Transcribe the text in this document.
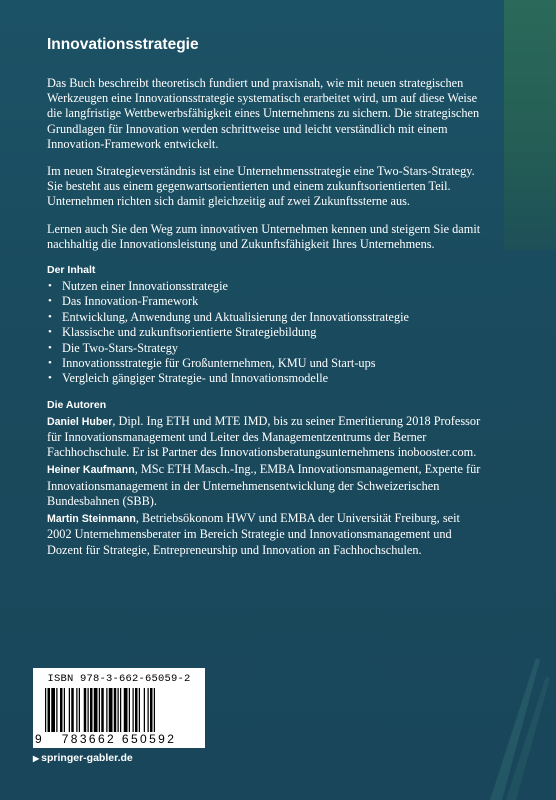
Innovationsstrategie

Das Buch beschreibt theoretisch fundiert und praxisnah, wie mit neuen strategischen Werkzeugen eine Innovationsstrategie systematisch erarbeitet wird, um auf diese Weise die langfristige Wettbewerbsfähigkeit eines Unternehmens zu sichern. Die strategischen Grundlagen für Innovation werden schrittweise und leicht verständlich mit einem Innovation-Framework entwickelt.

Im neuen Strategieverständnis ist eine Unternehmensstrategie eine Two-Stars-Strategy. Sie besteht aus einem gegenwartsorientierten und einem zukunftsorientierten Teil. Unternehmen richten sich damit gleichzeitig auf zwei Zukunftssterne aus.

Lernen auch Sie den Weg zum innovativen Unternehmen kennen und steigern Sie damit nachhaltig die Innovationsleistung und Zukunftsfähigkeit Ihres Unternehmens.

Der Inhalt
• Nutzen einer Innovationsstrategie
• Das Innovation-Framework
• Entwicklung, Anwendung und Aktualisierung der Innovationsstrategie
• Klassische und zukunftsorientierte Strategiebildung
• Die Two-Stars-Strategy
• Innovationsstrategie für Großunternehmen, KMU und Start-ups
• Vergleich gängiger Strategie- und Innovationsmodelle
Die Autoren
Daniel Huber, Dipl. Ing ETH und MTE IMD, bis zu seiner Emeritierung 2018 Professor für Innovationsmanagement und Leiter des Managementzentrums der Berner Fachhochschule. Er ist Partner des Innovationsberatungsunternehmens inobooster.com.
Heiner Kaufmann, MSc ETH Masch.-Ing., EMBA Innovationsmanagement, Experte für Innovationsmanagement in der Unternehmensentwicklung der Schweizerischen Bundesbahnen (SBB).
Martin Steinmann, Betriebsökonom HWV und EMBA der Universität Freiburg, seit 2002 Unternehmensberater im Bereich Strategie und Innovationsmanagement und Dozent für Strategie, Entrepreneurship und Innovation an Fachhochschulen.
ISBN 978-3-662-65059-2
9 783662 650592
▶ springer-gabler.de
